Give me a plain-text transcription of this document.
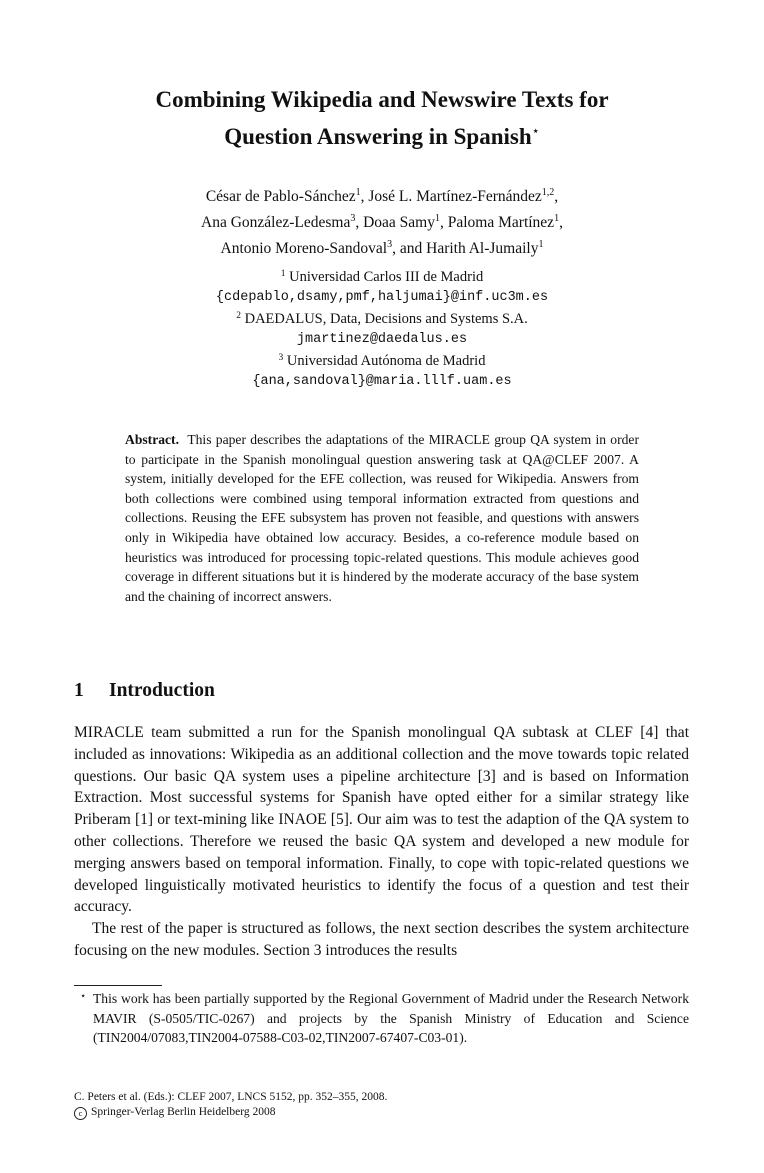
Combining Wikipedia and Newswire Texts for
Question Answering in Spanish⋆
César de Pablo-Sánchez$^1$, José L. Martínez-Fernández$^{1,2}$,
Ana González-Ledesma$^3$, Doaa Samy$^1$, Paloma Martínez$^1$,
Antonio Moreno-Sandoval$^3$, and Harith Al-Jumaily$^1$
$^1$ Universidad Carlos III de Madrid
{cdepablo,dsamy,pmf,haljumai}@inf.uc3m.es
$^2$ DAEDALUS, Data, Decisions and Systems S.A.
jmartinez@daedalus.es
$^3$ Universidad Autónoma de Madrid
{ana,sandoval}@maria.lllf.uam.es
Abstract. This paper describes the adaptations of the MIRACLE group QA system in order to participate in the Spanish monolingual question answering task at QA@CLEF 2007. A system, initially developed for the EFE collection, was reused for Wikipedia. Answers from both collections were combined using temporal information extracted from questions and collections. Reusing the EFE subsystem has proven not feasible, and questions with answers only in Wikipedia have obtained low accuracy. Besides, a co-reference module based on heuristics was introduced for processing topic-related questions. This module achieves good coverage in different situations but it is hindered by the moderate accuracy of the base system and the chaining of incorrect answers.
1 Introduction

MIRACLE team submitted a run for the Spanish monolingual QA subtask at CLEF [4] that included as innovations: Wikipedia as an additional collection and the move towards topic related questions. Our basic QA system uses a pipeline architecture [3] and is based on Information Extraction. Most successful systems for Spanish have opted either for a similar strategy like Priberam [1] or text-mining like INAOE [5]. Our aim was to test the adaption of the QA system to other collections. Therefore we reused the basic QA system and developed a new module for merging answers based on temporal information. Finally, to cope with topic-related questions we developed linguistically motivated heuristics to identify the focus of a question and test their accuracy.

The rest of the paper is structured as follows, the next section describes the system architecture focusing on the new modules. Section 3 introduces the results

⋆ This work has been partially supported by the Regional Government of Madrid under the Research Network MAVIR (S-0505/TIC-0267) and projects by the Spanish Ministry of Education and Science (TIN2004/07083,TIN2004-07588-C03-02,TIN2007-67407-C03-01).
C. Peters et al. (Eds.): CLEF 2007, LNCS 5152, pp. 352–355, 2008.
c Springer-Verlag Berlin Heidelberg 2008
